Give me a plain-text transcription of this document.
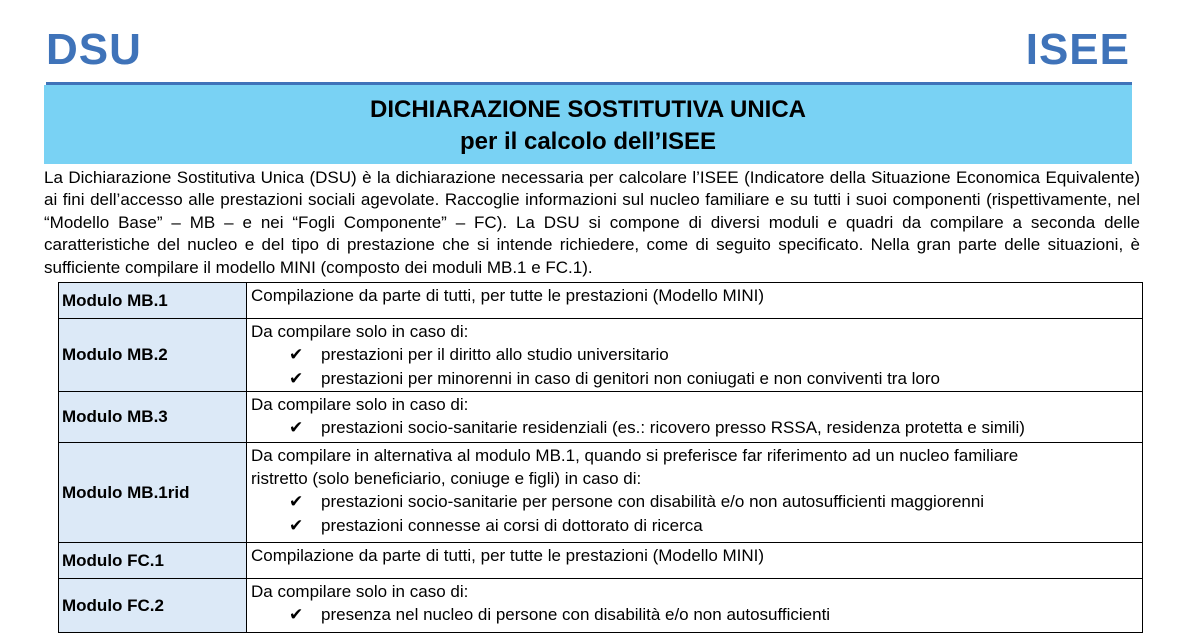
DSU	ISEE
DICHIARAZIONE SOSTITUTIVA UNICA
per il calcolo dell’ISEE

La Dichiarazione Sostitutiva Unica (DSU) è la dichiarazione necessaria per calcolare l’ISEE (Indicatore della Situazione Economica Equivalente) ai fini dell’accesso alle prestazioni sociali agevolate. Raccoglie informazioni sul nucleo familiare e su tutti i suoi componenti (rispettivamente, nel “Modello Base” – MB – e nei “Fogli Componente” – FC). La DSU si compone di diversi moduli e quadri da compilare a seconda delle caratteristiche del nucleo e del tipo di prestazione che si intende richiedere, come di seguito specificato. Nella gran parte delle situazioni, è sufficiente compilare il modello MINI (composto dei moduli MB.1 e FC.1).

Modulo MB.1	Compilazione da parte di tutti, per tutte le prestazioni (Modello MINI)

Modulo MB.2	Da compilare solo in caso di:
✔ prestazioni per il diritto allo studio universitario
✔ prestazioni per minorenni in caso di genitori non coniugati e non conviventi tra loro

Modulo MB.3	Da compilare solo in caso di:
✔ prestazioni socio-sanitarie residenziali (es.: ricovero presso RSSA, residenza protetta e simili)

Modulo MB.1rid	Da compilare in alternativa al modulo MB.1, quando si preferisce far riferimento ad un nucleo familiare
ristretto (solo beneficiario, coniuge e figli) in caso di:
✔ prestazioni socio-sanitarie per persone con disabilità e/o non autosufficienti maggiorenni
✔ prestazioni connesse ai corsi di dottorato di ricerca

Modulo FC.1	Compilazione da parte di tutti, per tutte le prestazioni (Modello MINI)

Modulo FC.2	Da compilare solo in caso di:
✔ presenza nel nucleo di persone con disabilità e/o non autosufficienti
